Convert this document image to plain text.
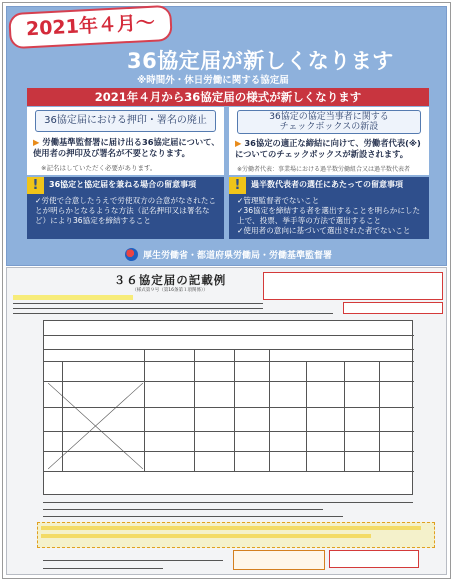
2021年４月～
36協定届が新しくなります
※時間外・休日労働に関する協定届
2021年４月から36協定届の様式が新しくなります
36協定届における押印・署名の廃止
▶ 労働基準監督署に届け出る36協定届について、使用者の押印及び署名が不要となります。
※記名はしていただく必要があります。
36協定の協定当事者に関する
チェックボックスの新設
▶ 36協定の適正な締結に向けて、労働者代表(※)についてのチェックボックスが新設されます。
※労働者代表：事業場における過半数労働組合又は過半数代表者
!	36協定と協定届を兼ねる場合の留意事項
✓労使で合意したうえで労使双方の合意がなされたことが明らかとなるような方法（記名押印又は署名など）により36協定を締結すること
!	過半数代表者の選任にあたっての留意事項
✓管理監督者でないこと
✓36協定を締結する者を選出することを明らかにした上で、投票、挙手等の方法で選出すること
✓使用者の意向に基づいて選出された者でないこと
厚生労働省・都道府県労働局・労働基準監督署
３６協定届の記載例
（様式第９号（第16条第１項関係））
